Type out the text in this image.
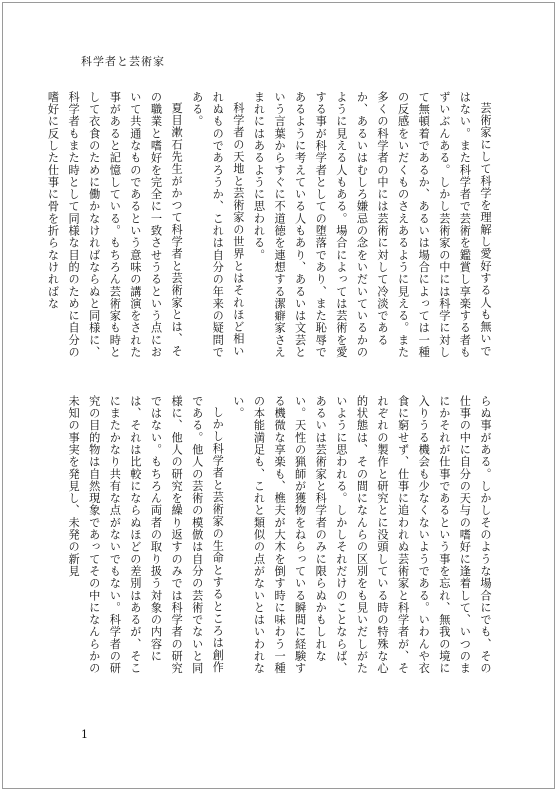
科学者と芸術家

芸術家にして科学を理解し愛好する人も無いではない。また科学者で芸術を鑑賞し享楽する者もずいぶんある。しかし芸術家の中には科学に対して無頓着であるか、あるいは場合によっては一種の反感をいだくものさえあるように見える。また多くの科学者の中には芸術に対して冷淡であるか、あるいはむしろ嫌忌の念をいだいているかのように見える人もある。場合によっては芸術を愛する事が科学者としての堕落であり、また恥辱であるように考えている人もあり、あるいは文芸という言葉からすぐに不道徳を連想する潔癖家さえまれにはあるように思われる。

科学者の天地と芸術家の世界とはそれほど相いれぬものであろうか、これは自分の年来の疑問である。

夏目漱石先生がかつて科学者と芸術家とは、その職業と嗜好を完全に一致させうるという点において共通なものであるという意味の講演をされた事があると記憶している。もちろん芸術家も時として衣食のために働かなければならぬと同様に、科学者もまた時として同様な目的のために自分の嗜好に反した仕事に骨を折らなければな

らぬ事がある。しかしそのような場合にでも、その仕事の中に自分の天与の嗜好に逢着して、いつのまにかそれが仕事であるという事を忘れ、無我の境に入りうる機会も少なくないようである。いわんや衣食に窮せず、仕事に追われぬ芸術家と科学者が、それぞれの製作と研究とに没頭している時の特殊な心的状態は、その間になんらの区別をも見いだしがたいように思われる。しかしそれだけのことならば、あるいは芸術家と科学者のみに限らぬかもしれない。天性の猟師が獲物をねらっている瞬間に経験する機微な享楽も、樵夫が大木を倒す時に味わう一種の本能満足も、これと類似の点がないとはいわれない。

しかし科学者と芸術家の生命とするところは創作である。他人の芸術の模倣は自分の芸術でないと同様に、他人の研究を繰り返すのみでは科学者の研究ではない。もちろん両者の取り扱う対象の内容には、それは比較にならぬほどの差別はあるが、そこにまたかなり共有な点がないでもない。科学者の研究の目的物は自然現象であってその中になんらかの未知の事実を発見し、未発の新見

1
